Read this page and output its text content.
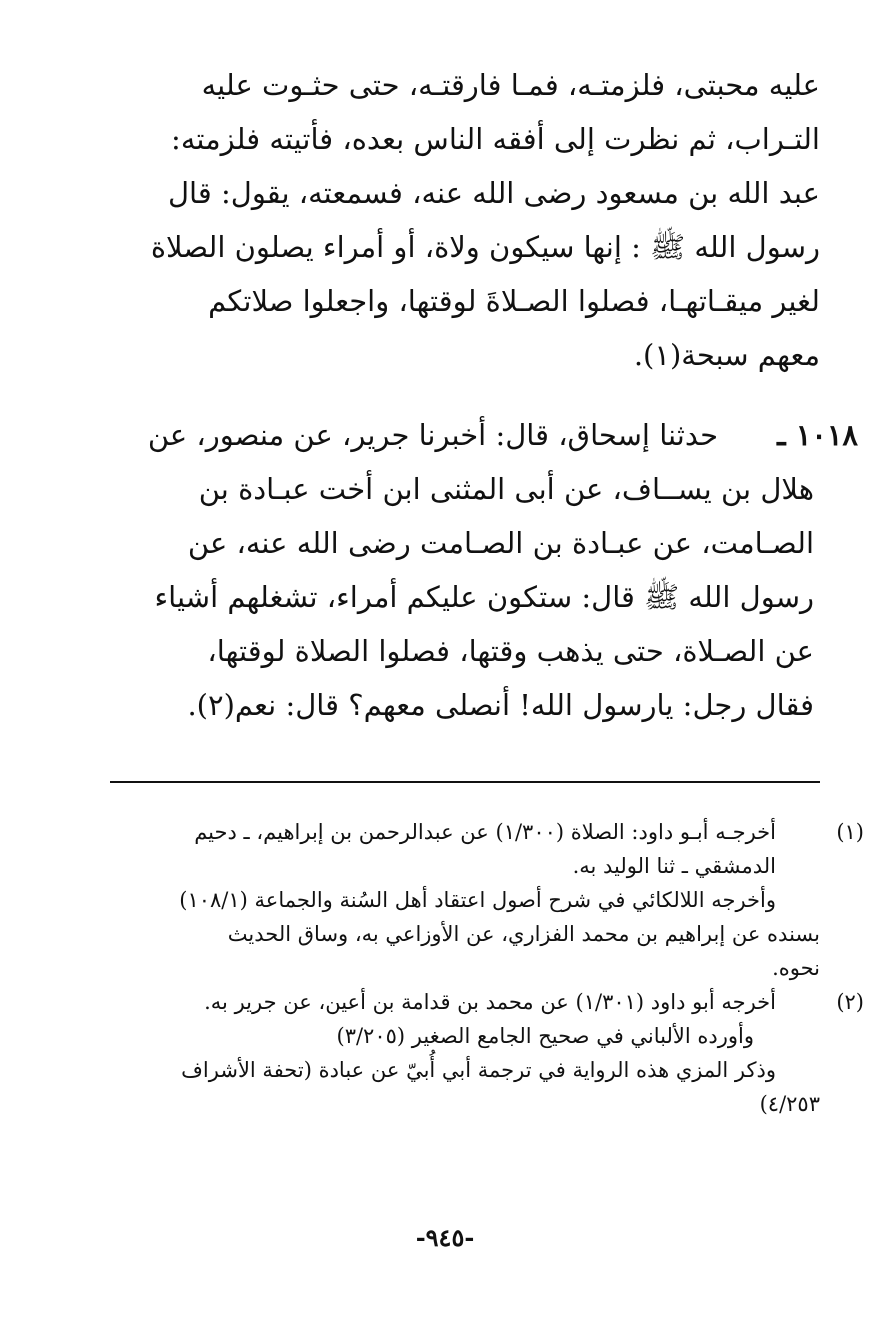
عليه محبتى، فلزمتـه، فمـا فارقتـه، حتى حثـوت عليه
التـراب، ثم نظرت إلى أفقه الناس بعده، فأتيته فلزمته:
عبد الله بن مسعود رضى الله عنه، فسمعته، يقول: قال
رسول الله ﷺ : إنها سيكون ولاة، أو أمراء يصلون الصلاة
لغير ميقـاتهـا، فصلوا الصـلاةَ لوقتها، واجعلوا صلاتكم
معهم سبحة(١).
١٠١٨ ـ
حدثنا إسحاق، قال: أخبرنا جرير، عن منصور، عن
هلال بن يســاف، عن أبى المثنى ابن أخت عبـادة بن
الصـامت، عن عبـادة بن الصـامت رضى الله عنه، عن
رسول الله ﷺ قال: ستكون عليكم أمراء، تشغلهم أشياء
عن الصـلاة، حتى يذهب وقتها، فصلوا الصلاة لوقتها،
فقال رجل: يارسول الله! أنصلى معهم؟ قال: نعم(٢).
(١)أخرجـه أبـو داود: الصلاة (١/٣٠٠) عن عبدالرحمن بن إبراهيم، ـ دحيم
الدمشقي ـ ثنا الوليد به.
وأخرجه اللالكائي في شرح أصول اعتقاد أهل السُنة والجماعة (١٠٨/١)
بسنده عن إبراهيم بن محمد الفزاري، عن الأوزاعي به، وساق الحديث
نحوه.
(٢)أخرجه أبو داود (١/٣٠١) عن محمد بن قدامة بن أعين، عن جرير به.
وأورده الألباني في صحيح الجامع الصغير (٣/٢٠٥)
وذكر المزي هذه الرواية في ترجمة أبي أُبيّ عن عبادة (تحفة الأشراف
٤/٢٥٣)
-٩٤٥-
